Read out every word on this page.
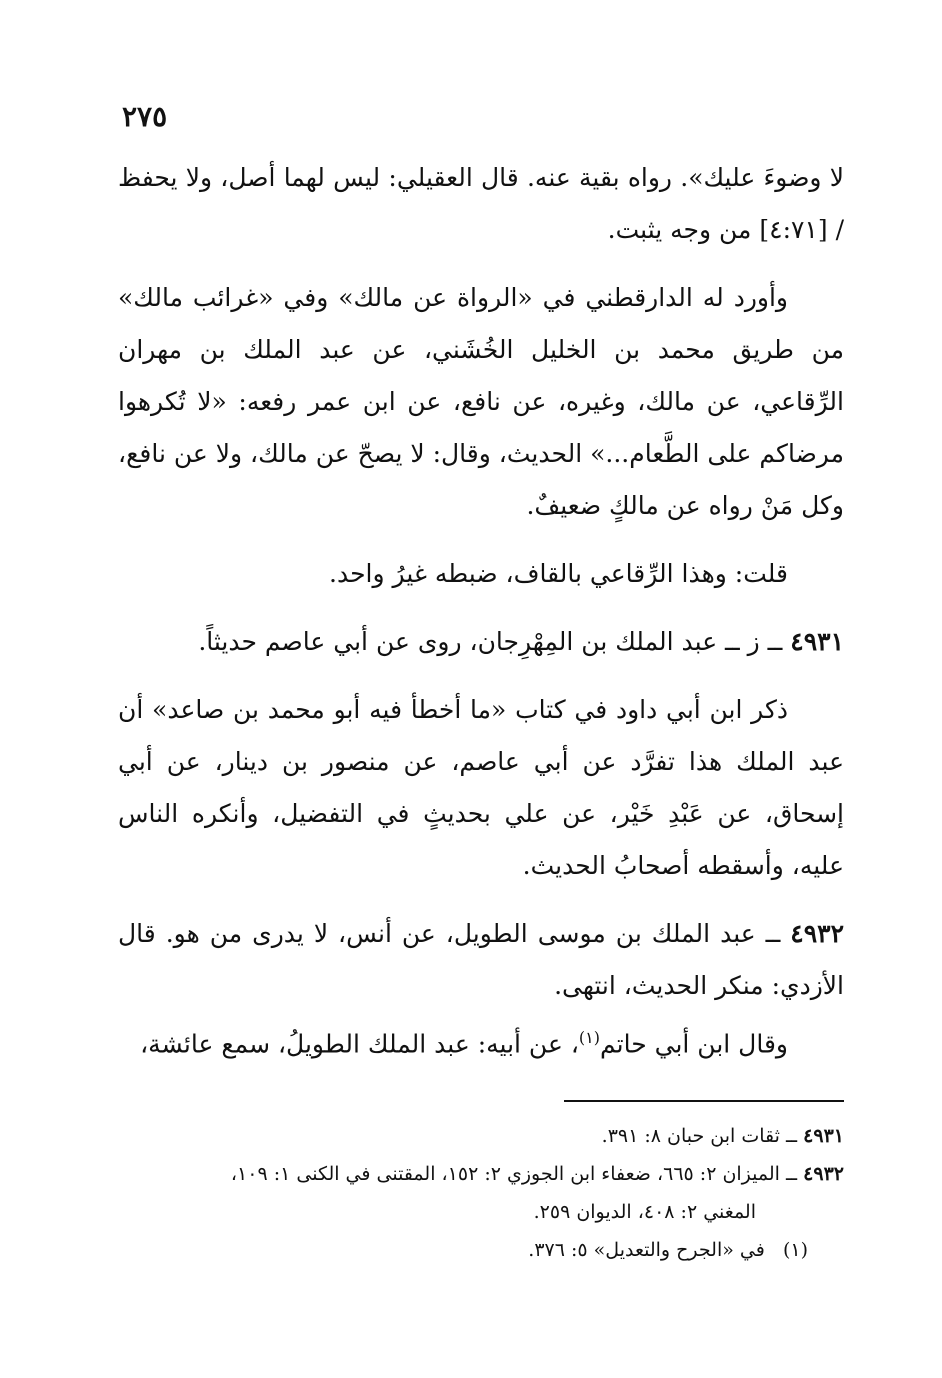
٢٧٥

لا وضوءَ عليك». رواه بقية عنه. قال العقيلي: ليس لهما أصل، ولا يحفظ / [٤:٧١] من وجه يثبت.

وأورد له الدارقطني في «الرواة عن مالك» وفي «غرائب مالك» من طريق محمد بن الخليل الخُشَني، عن عبد الملك بن مهران الرِّقاعي، عن مالك، وغيره، عن نافع، عن ابن عمر رفعه: «لا تُكرهوا مرضاكم على الطَّعام...» الحديث، وقال: لا يصحّ عن مالك، ولا عن نافع، وكل مَنْ رواه عن مالكٍ ضعيفٌ.

قلت: وهذا الرِّقاعي بالقاف، ضبطه غيرُ واحد.

٤٩٣١ ــ ز ــ عبد الملك بن المِهْرِجان، روى عن أبي عاصم حديثاً.

ذكر ابن أبي داود في كتاب «ما أخطأ فيه أبو محمد بن صاعد» أن عبد الملك هذا تفرَّد عن أبي عاصم، عن منصور بن دينار، عن أبي إسحاق، عن عَبْدِ خَيْر، عن علي بحديثٍ في التفضيل، وأنكره الناس عليه، وأسقطه أصحابُ الحديث.

٤٩٣٢ ــ عبد الملك بن موسى الطويل، عن أنس، لا يدرى من هو. قال الأزدي: منكر الحديث، انتهى.

وقال ابن أبي حاتم$^{(١)}$، عن أبيه: عبد الملك الطويلُ، سمع عائشة،

٤٩٣١ ــ ثقات ابن حبان ٨: ٣٩١.

٤٩٣٢ ــ الميزان ٢: ٦٦٥، ضعفاء ابن الجوزي ٢: ١٥٢، المقتنى في الكنى ١: ١٠٩،

المغني ٢: ٤٠٨، الديوان ٢٥٩.

(١)   في «الجرح والتعديل» ٥: ٣٧٦.
